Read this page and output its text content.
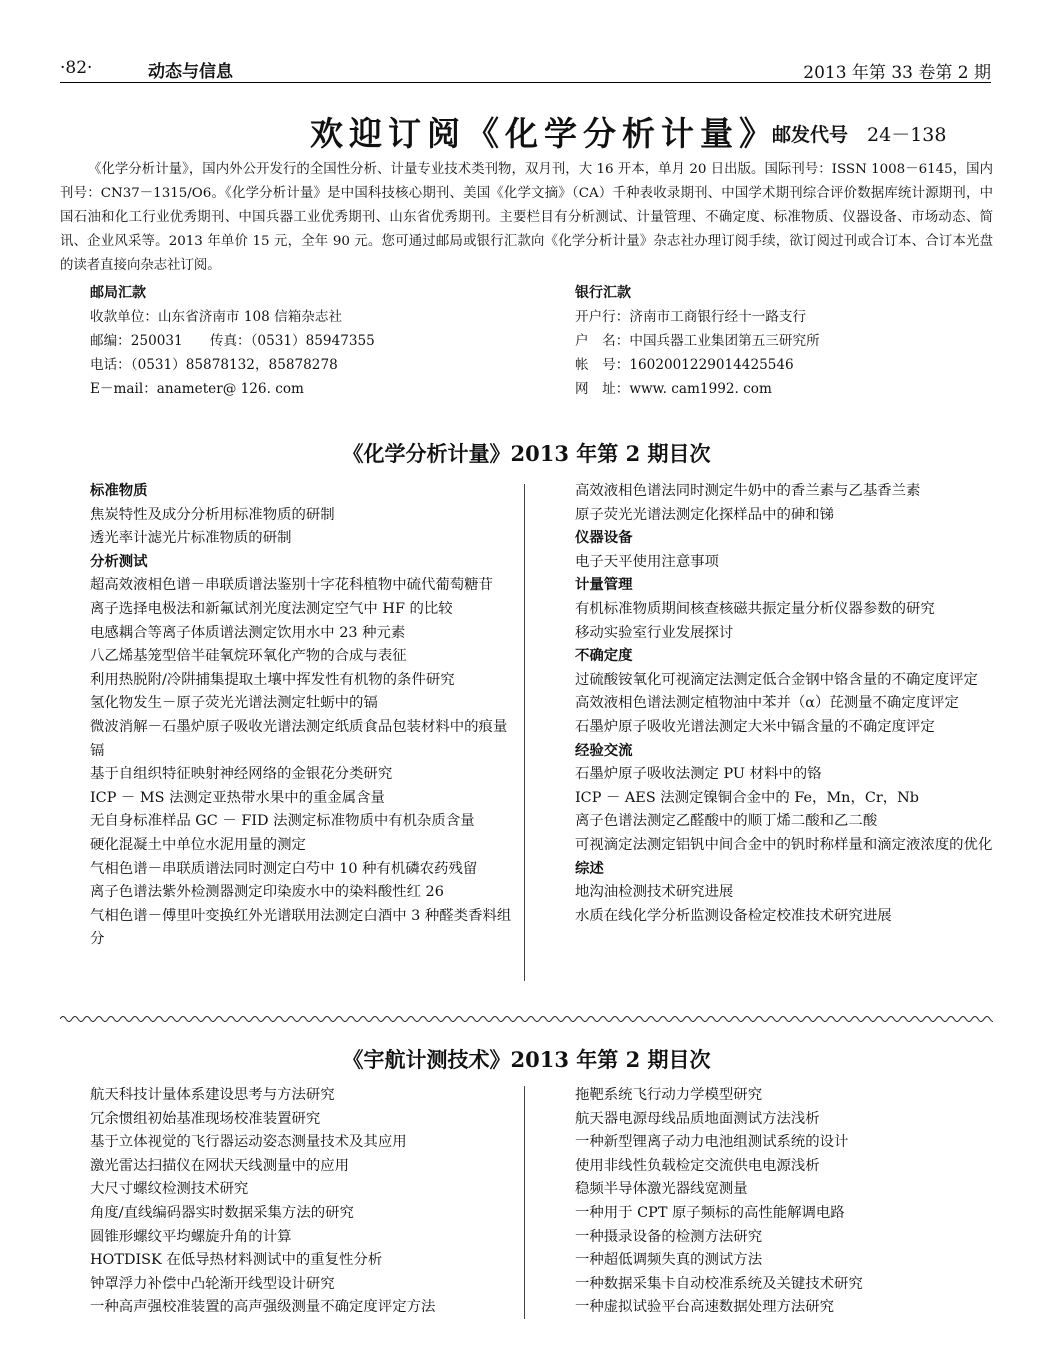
·82·	动态与信息	2013 年第 33 卷第 2 期
欢迎订阅《化学分析计量》
邮发代号  24－138
《化学分析计量》，国内外公开发行的全国性分析、计量专业技术类刊物，双月刊，大 16 开本，单月 20 日出版。国际刊号：ISSN 1008－6145，国内刊号：CN37－1315/O6。《化学分析计量》是中国科技核心期刊、美国《化学文摘》（CA）千种表收录期刊、中国学术期刊综合评价数据库统计源期刊，中国石油和化工行业优秀期刊、中国兵器工业优秀期刊、山东省优秀期刊。主要栏目有分析测试、计量管理、不确定度、标准物质、仪器设备、市场动态、简讯、企业风采等。2013 年单价 15 元，全年 90 元。您可通过邮局或银行汇款向《化学分析计量》杂志社办理订阅手续，欲订阅过刊或合订本、合订本光盘的读者直接向杂志社订阅。
邮局汇款
收款单位：山东省济南市 108 信箱杂志社
邮编：250031　　传真：（0531）85947355
电话：（0531）85878132，85878278
E－mail：anameter@ 126. com
银行汇款
开户行：济南市工商银行经十一路支行
户　名：中国兵器工业集团第五三研究所
帐　号：1602001229014425546
网　址：www. cam1992. com
《化学分析计量》2013 年第 2 期目次
标准物质
焦炭特性及成分分析用标准物质的研制
透光率计滤光片标准物质的研制
分析测试
超高效液相色谱－串联质谱法鉴别十字花科植物中硫代葡萄糖苷
离子选择电极法和新氟试剂光度法测定空气中 HF 的比较
电感耦合等离子体质谱法测定饮用水中 23 种元素
八乙烯基笼型倍半硅氧烷环氧化产物的合成与表征
利用热脱附/冷阱捕集提取土壤中挥发性有机物的条件研究
氢化物发生－原子荧光光谱法测定牡蛎中的镉
微波消解－石墨炉原子吸收光谱法测定纸质食品包装材料中的痕量镉
基于自组织特征映射神经网络的金银花分类研究
ICP － MS 法测定亚热带水果中的重金属含量
无自身标准样品 GC － FID 法测定标准物质中有机杂质含量
硬化混凝土中单位水泥用量的测定
气相色谱－串联质谱法同时测定白芍中 10 种有机磷农药残留
离子色谱法紫外检测器测定印染废水中的染料酸性红 26
气相色谱－傅里叶变换红外光谱联用法测定白酒中 3 种醛类香料组分
高效液相色谱法同时测定牛奶中的香兰素与乙基香兰素
原子荧光光谱法测定化探样品中的砷和锑
仪器设备
电子天平使用注意事项
计量管理
有机标准物质期间核查核磁共振定量分析仪器参数的研究
移动实验室行业发展探讨
不确定度
过硫酸铵氧化可视滴定法测定低合金钢中铬含量的不确定度评定
高效液相色谱法测定植物油中苯并（α）芘测量不确定度评定
石墨炉原子吸收光谱法测定大米中镉含量的不确定度评定
经验交流
石墨炉原子吸收法测定 PU 材料中的铬
ICP － AES 法测定镍铜合金中的 Fe，Mn，Cr，Nb
离子色谱法测定乙醛酸中的顺丁烯二酸和乙二酸
可视滴定法测定铝钒中间合金中的钒时称样量和滴定液浓度的优化
综述
地沟油检测技术研究进展
水质在线化学分析监测设备检定校准技术研究进展
《宇航计测技术》2013 年第 2 期目次
航天科技计量体系建设思考与方法研究
冗余惯组初始基准现场校准装置研究
基于立体视觉的飞行器运动姿态测量技术及其应用
激光雷达扫描仪在网状天线测量中的应用
大尺寸螺纹检测技术研究
角度/直线编码器实时数据采集方法的研究
圆锥形螺纹平均螺旋升角的计算
HOTDISK 在低导热材料测试中的重复性分析
钟罩浮力补偿中凸轮渐开线型设计研究
一种高声强校准装置的高声强级测量不确定度评定方法
拖靶系统飞行动力学模型研究
航天器电源母线品质地面测试方法浅析
一种新型锂离子动力电池组测试系统的设计
使用非线性负载检定交流供电电源浅析
稳频半导体激光器线宽测量
一种用于 CPT 原子频标的高性能解调电路
一种摄录设备的检测方法研究
一种超低调频失真的测试方法
一种数据采集卡自动校准系统及关键技术研究
一种虚拟试验平台高速数据处理方法研究
